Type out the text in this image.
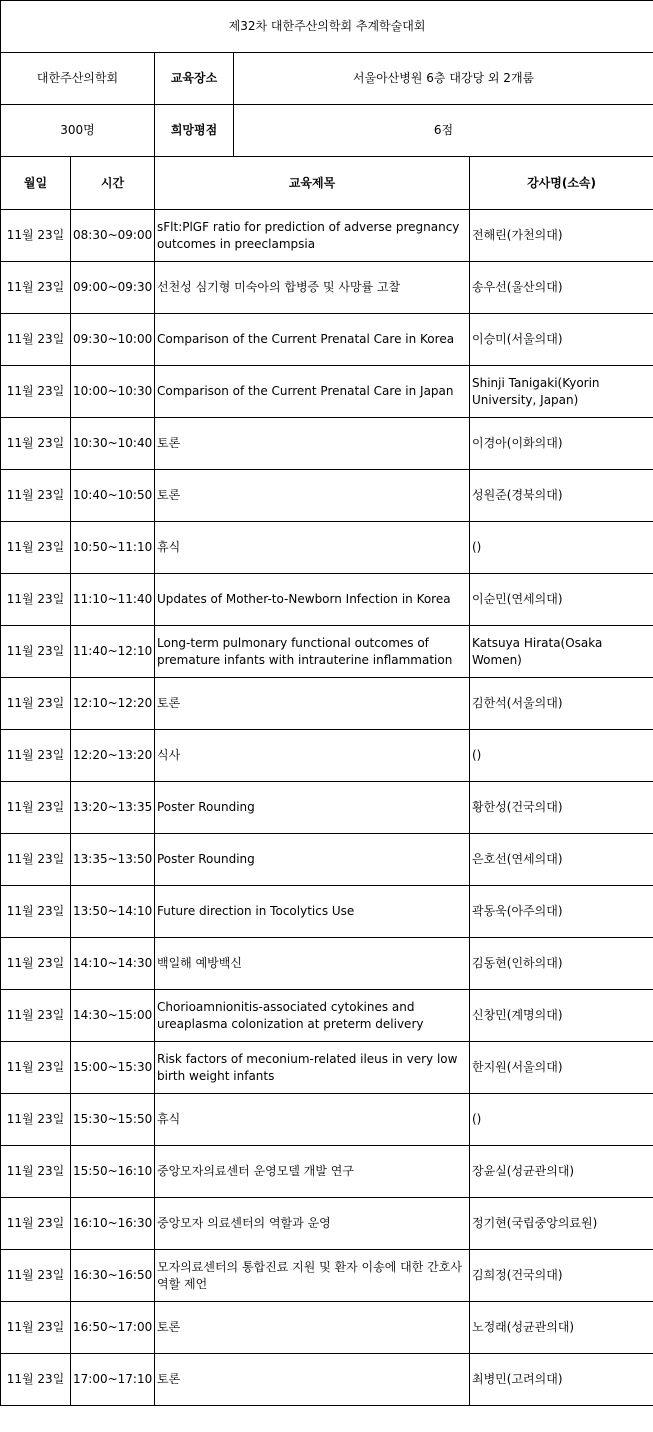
제32차 대한주산의학회 추계학술대회				
대한주산의학회		교육장소	서울아산병원 6층 대강당 외 2개룸	
300명		희망평점	6점	
월일	시간	교육제목		강사명(소속)
11월 23일	08:30~09:00	sFlt:PlGF ratio for prediction of adverse pregnancy outcomes in preeclampsia		전해린(가천의대)
11월 23일	09:00~09:30	선천성 심기형 미숙아의 합병증 및 사망률 고찰		송우선(울산의대)
11월 23일	09:30~10:00	Comparison of the Current Prenatal Care in Korea		이승미(서울의대)
11월 23일	10:00~10:30	Comparison of the Current Prenatal Care in Japan		Shinji Tanigaki(Kyorin University, Japan)
11월 23일	10:30~10:40	토론		이경아(이화의대)
11월 23일	10:40~10:50	토론		성원준(경북의대)
11월 23일	10:50~11:10	휴식		()
11월 23일	11:10~11:40	Updates of Mother-to-Newborn Infection in Korea		이순민(연세의대)
11월 23일	11:40~12:10	Long-term pulmonary functional outcomes of premature infants with intrauterine inflammation		Katsuya Hirata(Osaka Women)
11월 23일	12:10~12:20	토론		김한석(서울의대)
11월 23일	12:20~13:20	식사		()
11월 23일	13:20~13:35	Poster Rounding		황한성(건국의대)
11월 23일	13:35~13:50	Poster Rounding		은호선(연세의대)
11월 23일	13:50~14:10	Future direction in Tocolytics Use		곽동욱(아주의대)
11월 23일	14:10~14:30	백일해 예방백신		김동현(인하의대)
11월 23일	14:30~15:00	Chorioamnionitis-associated cytokines and ureaplasma colonization at preterm delivery		신창민(계명의대)
11월 23일	15:00~15:30	Risk factors of meconium-related ileus in very low birth weight infants		한지원(서울의대)
11월 23일	15:30~15:50	휴식		()
11월 23일	15:50~16:10	중앙모자의료센터 운영모델 개발 연구		장윤실(성균관의대)
11월 23일	16:10~16:30	중앙모자 의료센터의 역할과 운영		정기현(국립중앙의료원)
11월 23일	16:30~16:50	모자의료센터의 통합진료 지원 및 환자 이송에 대한 간호사 역할 제언		김희정(건국의대)
11월 23일	16:50~17:00	토론		노정래(성균관의대)
11월 23일	17:00~17:10	토론		최병민(고려의대)
